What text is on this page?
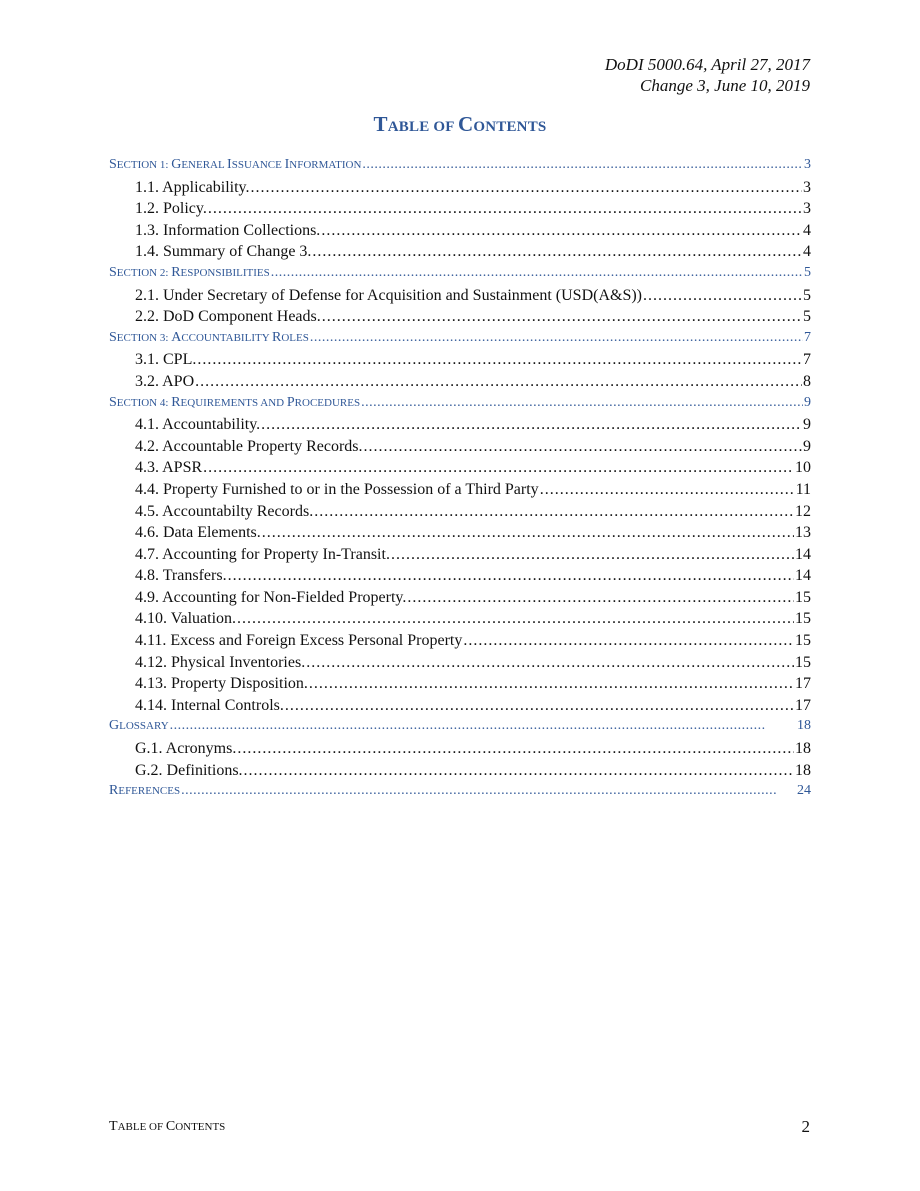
DoDI 5000.64, April 27, 2017
Change 3, June 10, 2019
TABLE OF CONTENTS
SECTION 1: GENERAL ISSUANCE INFORMATION . . .	3
1.1. Applicability. . . .	3
1.2. Policy. . . .	3
1.3. Information Collections. . . .	4
1.4. Summary of Change 3. . . .	4
SECTION 2: RESPONSIBILITIES . . .	5
2.1. Under Secretary of Defense for Acquisition and Sustainment (USD(A&S)) . . .	5
2.2. DoD Component Heads. . . .	5
SECTION 3: ACCOUNTABILITY ROLES . . .	7
3.1. CPL. . . .	7
3.2. APO . . .	8
SECTION 4: REQUIREMENTS AND PROCEDURES . . .	9
4.1. Accountability. . . .	9
4.2. Accountable Property Records. . . .	9
4.3. APSR . . .	10
4.4. Property Furnished to or in the Possession of a Third Party . . .	11
4.5. Accountabilty Records. . . .	12
4.6. Data Elements. . . .	13
4.7. Accounting for Property In-Transit. . . .	14
4.8. Transfers. . . .	14
4.9. Accounting for Non-Fielded Property. . . .	15
4.10. Valuation. . . .	15
4.11. Excess and Foreign Excess Personal Property . . .	15
4.12. Physical Inventories. . . .	15
4.13. Property Disposition. . . .	17
4.14. Internal Controls. . . .	17
GLOSSARY . . .	18
G.1. Acronyms. . . .	18
G.2. Definitions. . . .	18
REFERENCES . . .	24
TABLE OF CONTENTS	2
